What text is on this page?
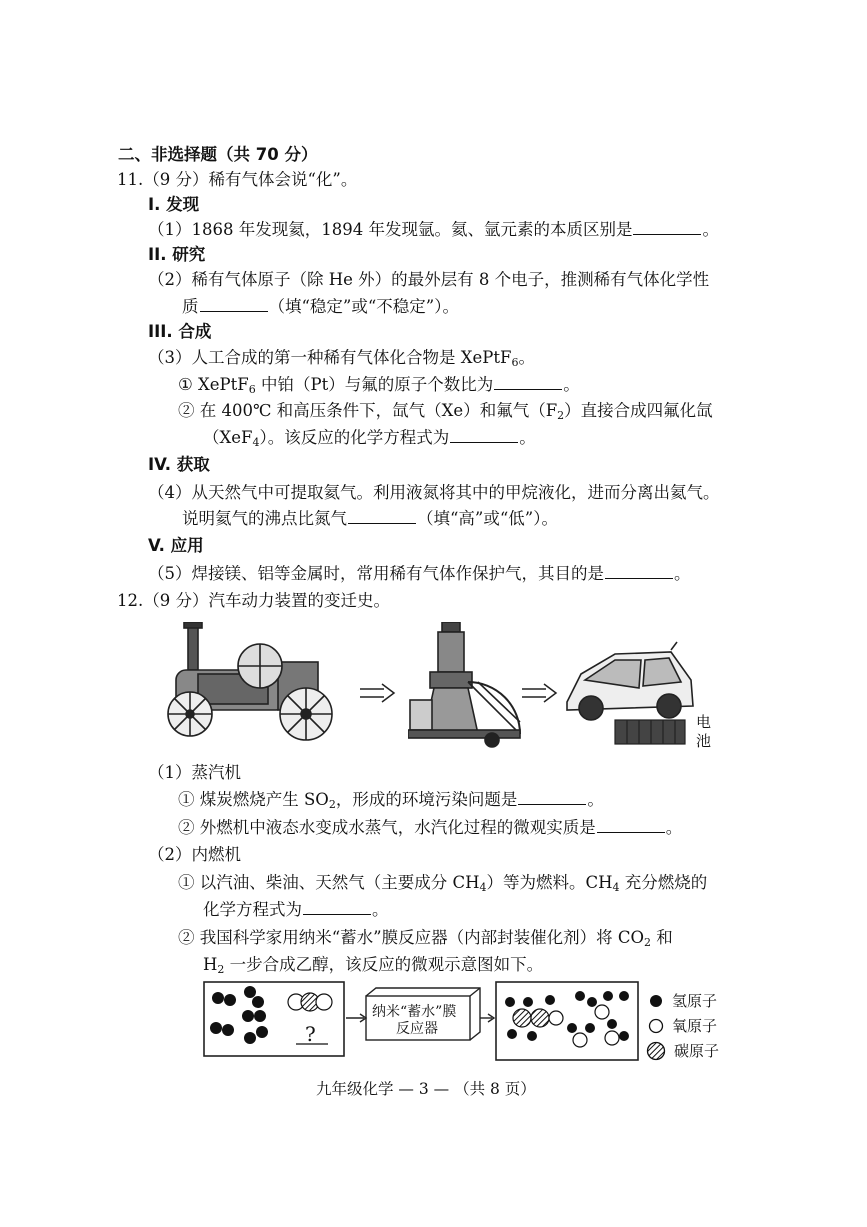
二、非选择题（共 70 分）
11.（9 分）稀有气体会说“化”。
I. 发现
（1）1868 年发现氦，1894 年发现氩。氦、氩元素的本质区别是	。
II. 研究
（2）稀有气体原子（除 He 外）的最外层有 8 个电子，推测稀有气体化学性
质	（填“稳定”或“不稳定”）。
III. 合成
（3）人工合成的第一种稀有气体化合物是 XePtF$_6$。
① XePtF$_6$ 中铂（Pt）与氟的原子个数比为	。
② 在 400℃ 和高压条件下，氙气（Xe）和氟气$(F_2)$直接合成四氟化氙
（XeF$_4$）。该反应的化学方程式为	。
IV. 获取
（4）从天然气中可提取氦气。利用液氮将其中的甲烷液化，进而分离出氦气。
说明氦气的沸点比氮气	（填“高”或“低”）。
V. 应用
（5）焊接镁、铝等金属时，常用稀有气体作保护气，其目的是	。
12.（9 分）汽车动力装置的变迁史。
电
池
（1）蒸汽机
① 煤炭燃烧产生 $SO_2$，形成的环境污染问题是	。
② 外燃机中液态水变成水蒸气，水汽化过程的微观实质是	。
（2）内燃机
① 以汽油、柴油、天然气（主要成分 $CH_4$）等为燃料。$CH_4$ 充分燃烧的
化学方程式为	。
② 我国科学家用纳米“蓄水”膜反应器（内部封装催化剂）将 $CO_2$ 和
$H_2$ 一步合成乙醇，该反应的微观示意图如下。
?
纳米“蓄水”膜
反应器
氢原子
氧原子
碳原子
九年级化学 — 3 — （共 8 页）
